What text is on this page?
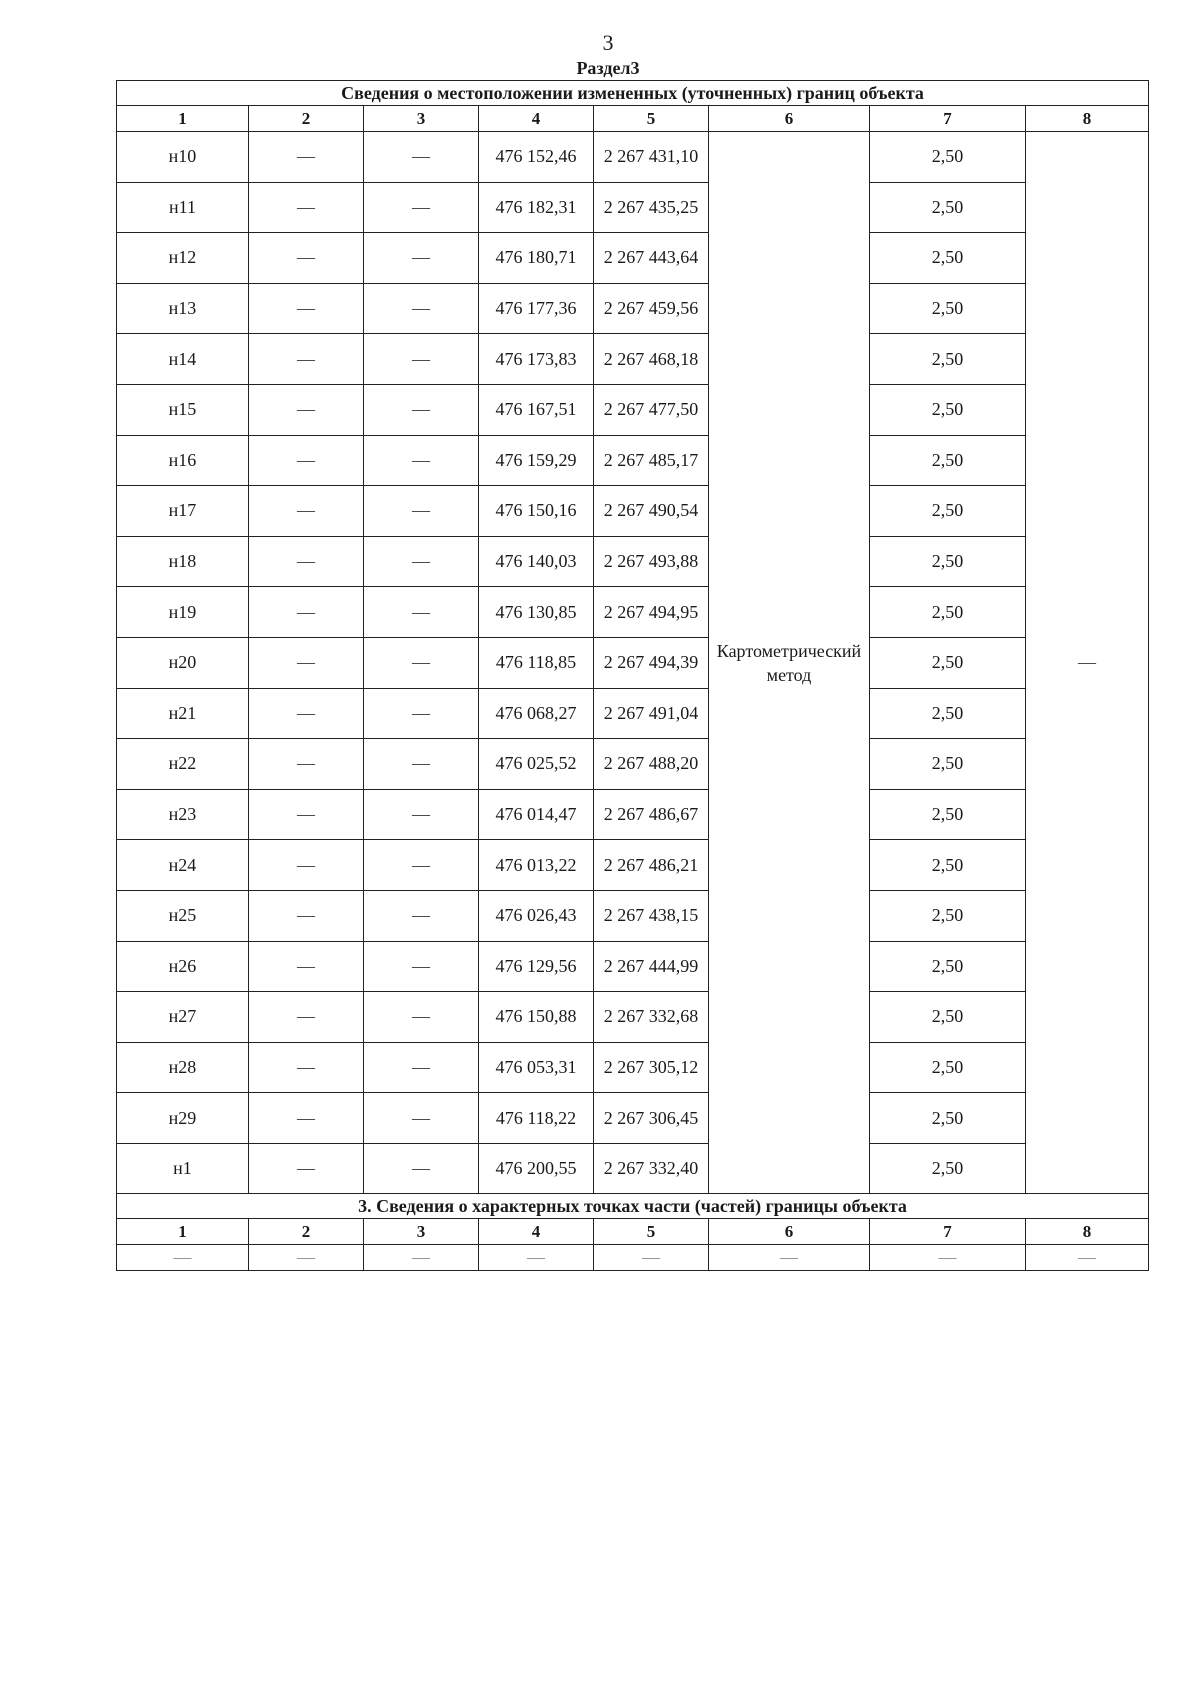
3
Раздел3
Сведения о местоположении измененных (уточненных) границ объекта							
1	2	3	4	5	6	7	8
н10	—	—	476 152,46	2 267 431,10	Картометрический метод	2,50	—
н11	—	—	476 182,31	2 267 435,25		2,50	
н12	—	—	476 180,71	2 267 443,64		2,50	
н13	—	—	476 177,36	2 267 459,56		2,50	
н14	—	—	476 173,83	2 267 468,18		2,50	
н15	—	—	476 167,51	2 267 477,50		2,50	
н16	—	—	476 159,29	2 267 485,17		2,50	
н17	—	—	476 150,16	2 267 490,54		2,50	
н18	—	—	476 140,03	2 267 493,88		2,50	
н19	—	—	476 130,85	2 267 494,95		2,50	
н20	—	—	476 118,85	2 267 494,39		2,50	
н21	—	—	476 068,27	2 267 491,04		2,50	
н22	—	—	476 025,52	2 267 488,20		2,50	
н23	—	—	476 014,47	2 267 486,67		2,50	
н24	—	—	476 013,22	2 267 486,21		2,50	
н25	—	—	476 026,43	2 267 438,15		2,50	
н26	—	—	476 129,56	2 267 444,99		2,50	
н27	—	—	476 150,88	2 267 332,68		2,50	
н28	—	—	476 053,31	2 267 305,12		2,50	
н29	—	—	476 118,22	2 267 306,45		2,50	
н1	—	—	476 200,55	2 267 332,40		2,50	
3. Сведения о характерных точках части (частей) границы объекта							
1	2	3	4	5	6	7	8
—	—	—	—	—	—	—	—
